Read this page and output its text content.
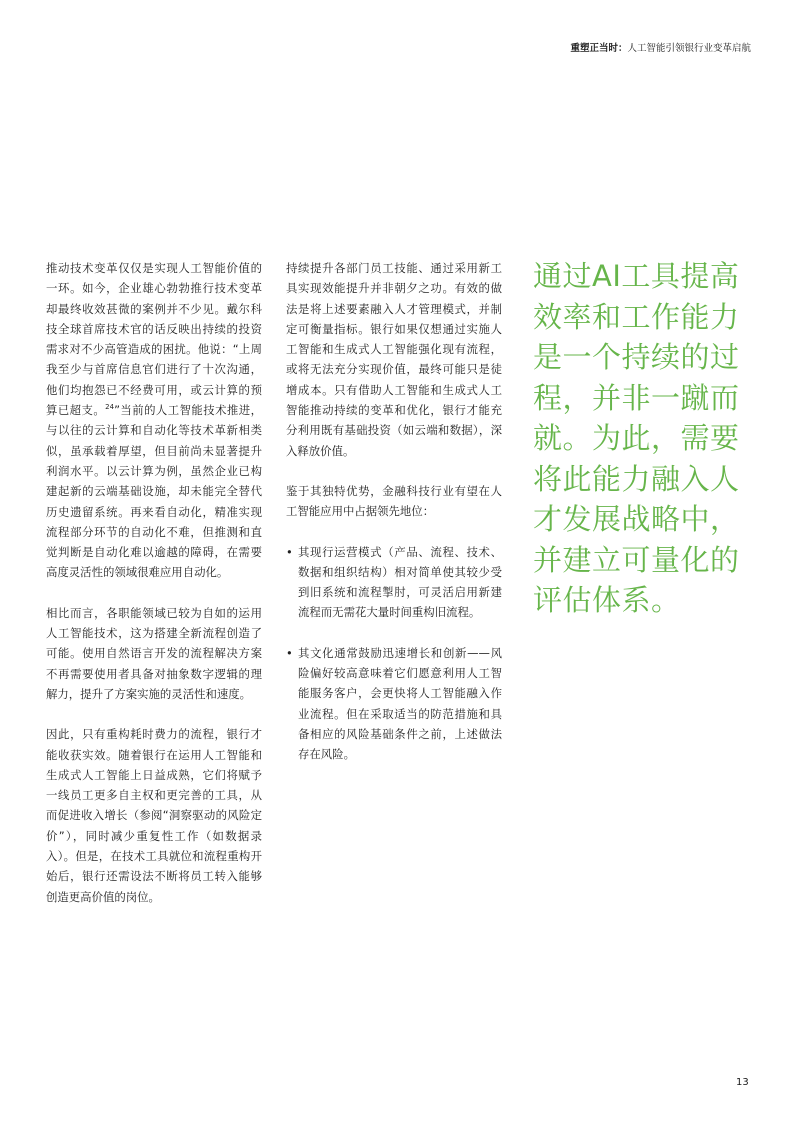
重塑正当时：人工智能引领银行业变革启航

推动技术变革仅仅是实现人工智能价值的一环。如今，企业雄心勃勃推行技术变革却最终收效甚微的案例并不少见。戴尔科技全球首席技术官的话反映出持续的投资需求对不少高管造成的困扰。他说：“上周我至少与首席信息官们进行了十次沟通，他们均抱怨已不经费可用，或云计算的预算已超支。$^{24}$”当前的人工智能技术推进，与以往的云计算和自动化等技术革新相类似，虽承载着厚望，但目前尚未显著提升利润水平。以云计算为例，虽然企业已构建起新的云端基础设施，却未能完全替代历史遗留系统。再来看自动化，精准实现流程部分环节的自动化不难，但推测和直觉判断是自动化难以逾越的障碍，在需要高度灵活性的领域很难应用自动化。

相比而言，各职能领域已较为自如的运用人工智能技术，这为搭建全新流程创造了可能。使用自然语言开发的流程解决方案不再需要使用者具备对抽象数字逻辑的理解力，提升了方案实施的灵活性和速度。

因此，只有重构耗时费力的流程，银行才能收获实效。随着银行在运用人工智能和生成式人工智能上日益成熟，它们将赋予一线员工更多自主权和更完善的工具，从而促进收入增长（参阅“洞察驱动的风险定价”），同时减少重复性工作（如数据录入）。但是，在技术工具就位和流程重构开始后，银行还需设法不断将员工转入能够创造更高价值的岗位。

持续提升各部门员工技能、通过采用新工具实现效能提升并非朝夕之功。有效的做法是将上述要素融入人才管理模式，并制定可衡量指标。银行如果仅想通过实施人工智能和生成式人工智能强化现有流程，或将无法充分实现价值，最终可能只是徒增成本。只有借助人工智能和生成式人工智能推动持续的变革和优化，银行才能充分利用既有基础投资（如云端和数据），深入释放价值。

鉴于其独特优势，金融科技行业有望在人工智能应用中占据领先地位：

• 其现行运营模式（产品、流程、技术、数据和组织结构）相对简单使其较少受到旧系统和流程掣肘，可灵活启用新建流程而无需花大量时间重构旧流程。
• 其文化通常鼓励迅速增长和创新——风险偏好较高意味着它们愿意利用人工智能服务客户，会更快将人工智能融入作业流程。但在采取适当的防范措施和具备相应的风险基础条件之前，上述做法存在风险。
通过AI工具提高效率和工作能力是一个持续的过程，并非一蹴而就。为此，需要将此能力融入人才发展战略中，并建立可量化的评估体系。
13
